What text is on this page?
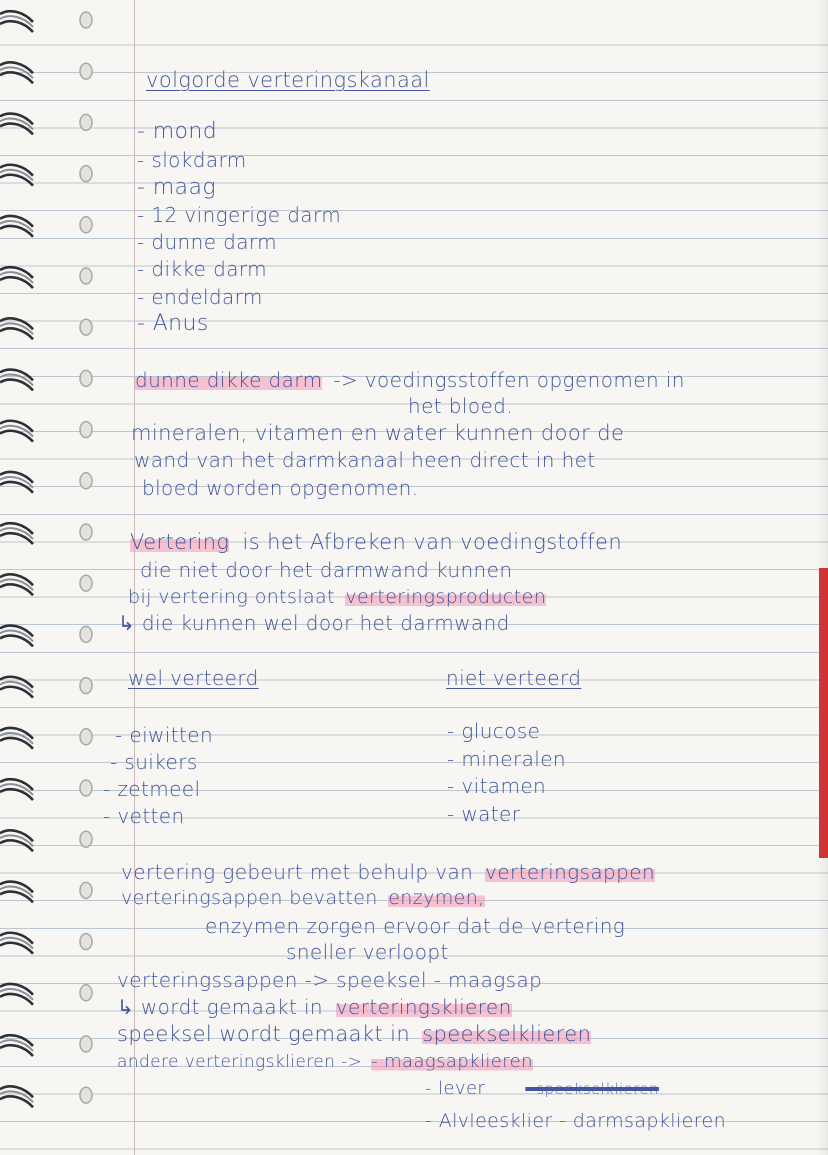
volgorde verteringskanaal
- mond
- slokdarm
- maag
- 12 vingerige darm
- dunne darm
- dikke darm
- endeldarm
- Anus
dunne dikke darm -> voedingsstoffen opgenomen in
het bloed.
mineralen, vitamen en water kunnen door de
wand van het darmkanaal heen direct in het
bloed worden opgenomen.
Vertering is het Afbreken van voedingstoffen
die niet door het darmwand kunnen
bij vertering ontslaat verteringsproducten
↳ die kunnen wel door het darmwand
wel verteerd	niet verteerd
- eiwitten
- suikers
- zetmeel
- vetten
- glucose
- mineralen
- vitamen
- water
vertering gebeurt met behulp van verteringsappen
verteringsappen bevatten enzymen,
enzymen zorgen ervoor dat de vertering
sneller verloopt
verteringssappen -> speeksel - maagsap
↳ wordt gemaakt in verteringsklieren
speeksel wordt gemaakt in speekselklieren
andere verteringsklieren -> - maagsapklieren
- lever	- speekselklieren
- Alvleesklier - darmsapklieren
